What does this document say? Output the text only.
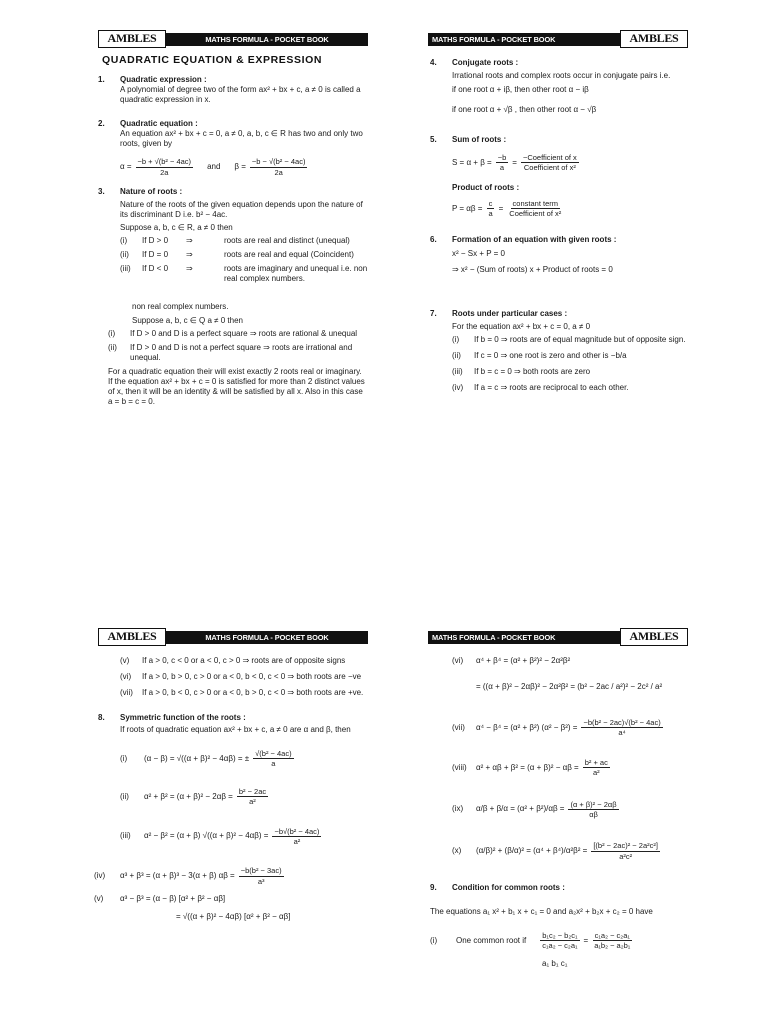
AMBLES	MATHS FORMULA - POCKET BOOK
QUADRATIC EQUATION & EXPRESSION
1. Quadratic expression :
A polynomial of degree two of the form ax² + bx + c, a ≠ 0 is called a quadratic expression in x.
2. Quadratic equation :
An equation ax² + bx + c = 0, a ≠ 0, a, b, c ∈ R has two and only two roots, given by
$\alpha = \frac{\text{−b + √(b² − 4ac)}}{2a}$ and $\beta = \frac{\text{−b − √(b² − 4ac)}}{2a}$
3. Nature of roots :
Nature of the roots of the given equation depends upon the nature of its discriminant D i.e. b² − 4ac.
Suppose a, b, c ∈ R, a ≠ 0 then
(i)	If D > 0 ⇒	roots are real and distinct (unequal)
(ii)	If D = 0 ⇒	roots are real and equal (Coincident)
(iii)	If D < 0 ⇒	roots are imaginary and unequal i.e. non real complex numbers.
non real complex numbers.
Suppose a, b, c ∈ Q a ≠ 0 then
(i)	If D > 0 and D is a perfect square ⇒ roots are rational & unequal
(ii)	If D > 0 and D is not a perfect square ⇒ roots are irrational and unequal.
For a quadratic equation their will exist exactly 2 roots real or imaginary. If the equation ax² + bx + c = 0 is satisfied for more than 2 distinct values of x, then it will be an identity & will be satisfied by all x. Also in this case a = b = c = 0.
MATHS FORMULA - POCKET BOOK	AMBLES
4. Conjugate roots :
Irrational roots and complex roots occur in conjugate pairs i.e.
if one root α + iβ, then other root α − iβ
if one root α + √β , then other root α − √β
5. Sum of roots :
$S = \alpha + \beta = \frac{-b}{a} = \frac{\text{−Coefficient of x}}{\text{Coefficient of x²}}$
Product of roots :
$P = \alpha\beta = \frac{c}{a} = \frac{\text{constant term}}{\text{Coefficient of x²}}$
6. Formation of an equation with given roots :
x² − Sx + P = 0
⇒ x² − (Sum of roots) x + Product of roots = 0
7. Roots under particular cases :
For the equation ax² + bx + c = 0, a ≠ 0
(i)	If b = 0 ⇒ roots are of equal magnitude but of opposite sign.
(ii)	If c = 0 ⇒ one root is zero and other is −b/a
(iii)	If b = c = 0 ⇒ both roots are zero
(iv)	If a = c ⇒ roots are reciprocal to each other.
AMBLES	MATHS FORMULA - POCKET BOOK
(v)	If a > 0, c < 0 or a < 0, c > 0 ⇒ roots are of opposite signs
(vi)	If a > 0, b > 0, c > 0 or a < 0, b < 0, c < 0 ⇒ both roots are −ve
(vii)	If a > 0, b < 0, c > 0 or a < 0, b > 0, c < 0 ⇒ both roots are +ve.
8. Symmetric function of the roots :
If roots of quadratic equation ax² + bx + c, a ≠ 0 are α and β, then
(i)	(α − β) = √((α + β)² − 4αβ) = ± $\frac{\text{√(b² − 4ac)}}{a}$
(ii)	$\alpha^2 + \beta^2 = (\alpha + \beta)^2 - 2\alpha\beta = \frac{\text{b² − 2ac}}{\text{a²}}$
(iii)	α² − β² = (α + β) $√((\alpha + \beta)^2 - 4\alpha\beta) = \frac{\text{−b√(b² − 4ac)}}{\text{a²}}$
(iv)	α³ + β³ = (α + β)³ − 3(α + β) $\alpha\beta = \frac{\text{−b(b² − 3ac)}}{\text{a³}}$
(v)	α³ − β³ = (α − β) [α² + β² − αβ]
= √((α + β)² − 4αβ) [α² + β² − αβ]
MATHS FORMULA - POCKET BOOK	AMBLES
(vi)	α⁴ + β⁴ = (α² + β²)² − 2α²β²
= ((α + β)² − 2αβ)² − 2α²β² = (b² − 2ac / a²)² − 2c² / a²
(vii)	α⁴ − β⁴ = (α² + β²) $(\alpha^2 - \beta^2) = \frac{\text{−b(b² − 2ac)√(b² − 4ac)}}{\text{a⁴}}$
(viii)	$\alpha^2 + \alpha\beta + \beta^2 = (\alpha + \beta)^2 - \alpha\beta = \frac{\text{b² + ac}}{\text{a²}}$
(ix)	$\alpha/\beta + \beta/\alpha = (\alpha^2 + \beta^2)/\alpha\beta = \frac{\text{(α + β)² − 2αβ}}{\alpha\beta}$
(x)	$(\alpha/\beta)^2 + (\beta/\alpha)^2 = (\alpha^4 + \beta^4)/\alpha^2\beta^2 = \frac{\text{[(b² − 2ac)² − 2a²c²]}}{\text{a²c²}}$
9. Condition for common roots :
The equations a₁ x² + b₁ x + c₁ = 0 and a₂x² + b₂x + c₂ = 0 have
(i)	One common root if $\frac{\text{b₁c₂ − b₂c₁}}{\text{c₁a₂ − c₂a₁}} = \frac{\text{c₁a₂ − c₂a₁}}{\text{a₁b₂ − a₂b₁}}$
a₁ b₁ c₁
